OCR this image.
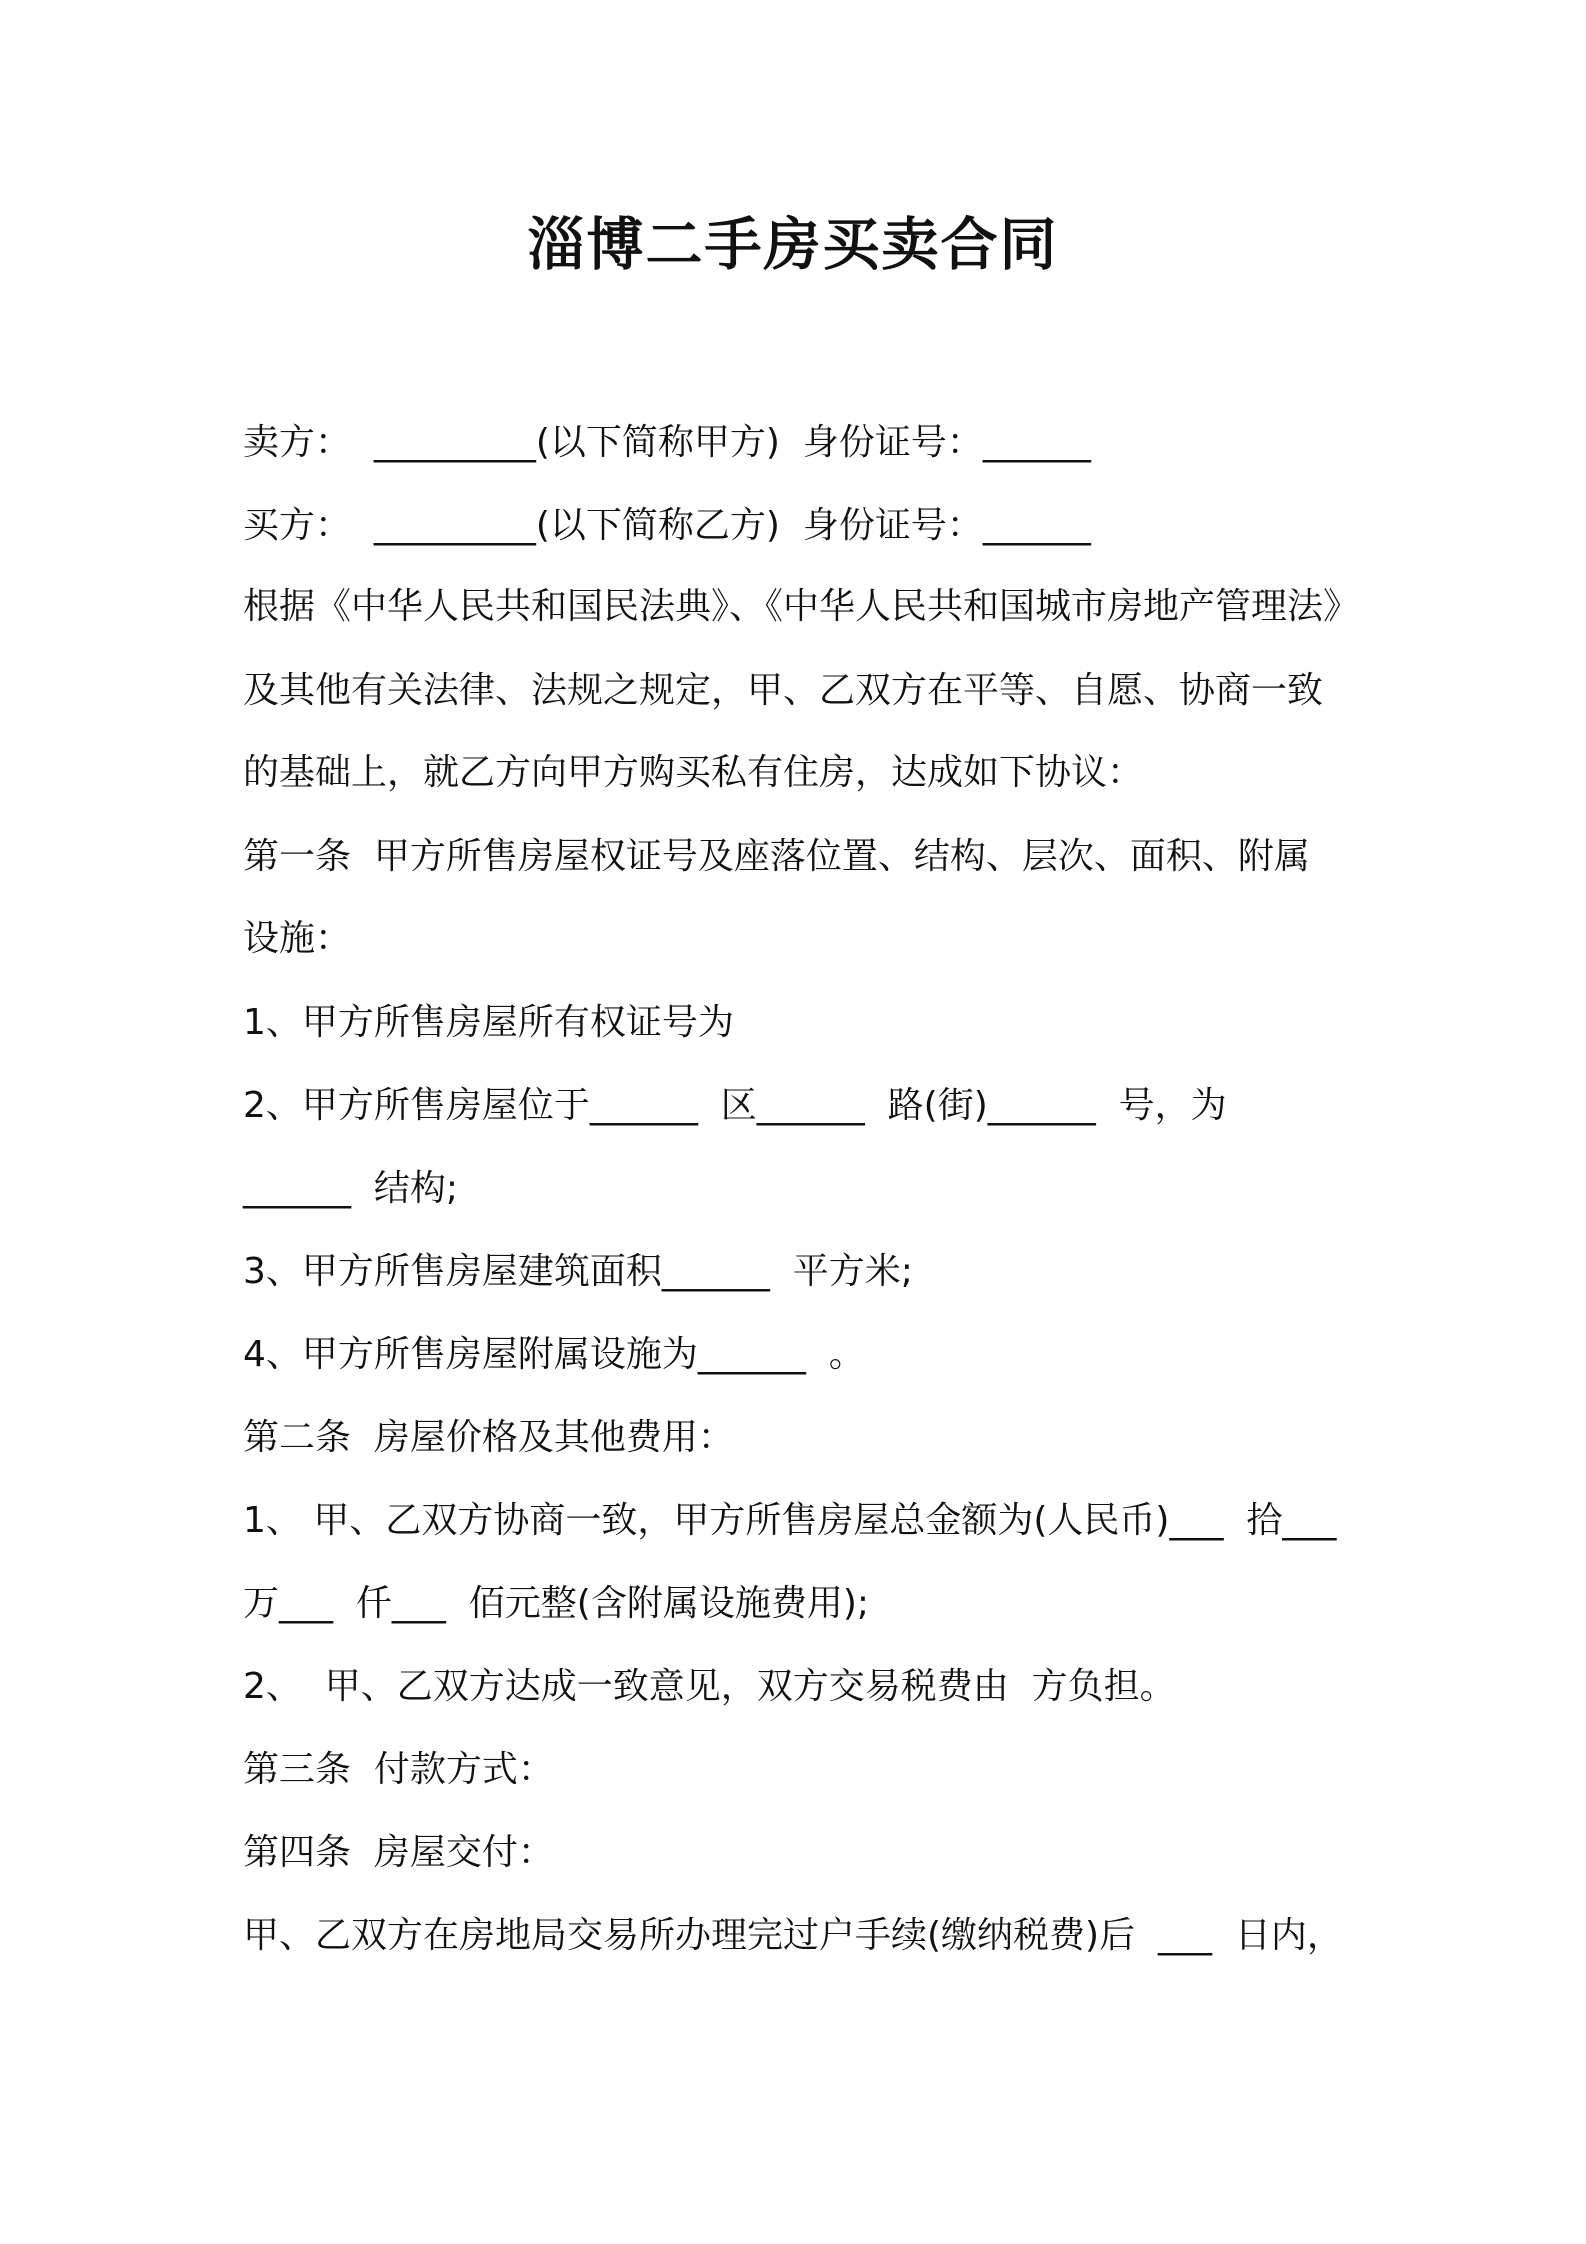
淄博二手房买卖合同
卖方：  _________(以下简称甲方)  身份证号：______
买方：  _________(以下简称乙方)  身份证号：______
根据《中华人民共和国民法典》、《中华人民共和国城市房地产管理法》
及其他有关法律、法规之规定，甲、乙双方在平等、自愿、协商一致
的基础上，就乙方向甲方购买私有住房，达成如下协议：
第一条  甲方所售房屋权证号及座落位置、结构、层次、面积、附属
设施：
1、甲方所售房屋所有权证号为
2、甲方所售房屋位于______  区______  路(街)______  号，为
______  结构;
3、甲方所售房屋建筑面积______  平方米;
4、甲方所售房屋附属设施为______  。
第二条  房屋价格及其他费用：
1、 甲、乙双方协商一致，甲方所售房屋总金额为(人民币)___  拾___
万___  仟___  佰元整(含附属设施费用);
2、  甲、乙双方达成一致意见，双方交易税费由  方负担。
第三条  付款方式：
第四条  房屋交付：
甲、乙双方在房地局交易所办理完过户手续(缴纳税费)后  ___  日内，
